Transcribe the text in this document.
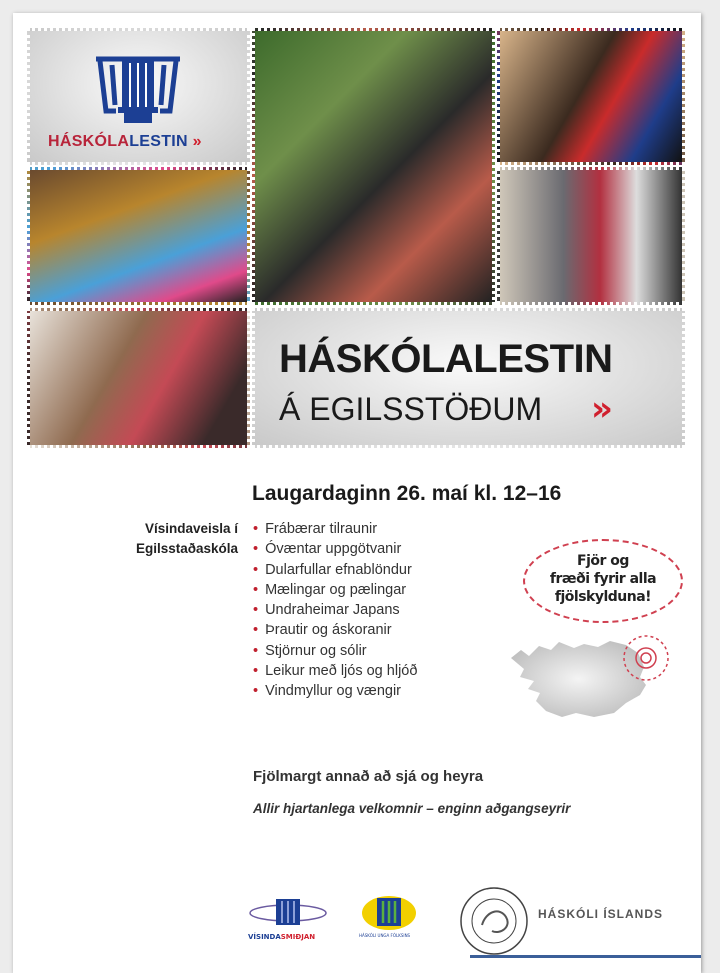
HÁSKÓLALESTIN »
HÁSKÓLALESTIN
Á EGILSSTÖÐUM »
Laugardaginn 26. maí kl. 12–16
Vísindaveisla í
Egilsstaðaskóla
• Frábærar tilraunir
• Óvæntar uppgötvanir
• Dularfullar efnablöndur
• Mælingar og pælingar
• Undraheimar Japans
• Þrautir og áskoranir
• Stjörnur og sólir
• Leikur með ljós og hljóð
• Vindmyllur og vængir
Fjör og
fræði fyrir alla
fjölskylduna!
Fjölmargt annað að sjá og heyra
Allir hjartanlega velkomnir – enginn aðgangseyrir
VÍSINDASMIÐJAN	HÁSKÓLI UNGA FÓLKSINS
HÁSKÓLI ÍSLANDS
